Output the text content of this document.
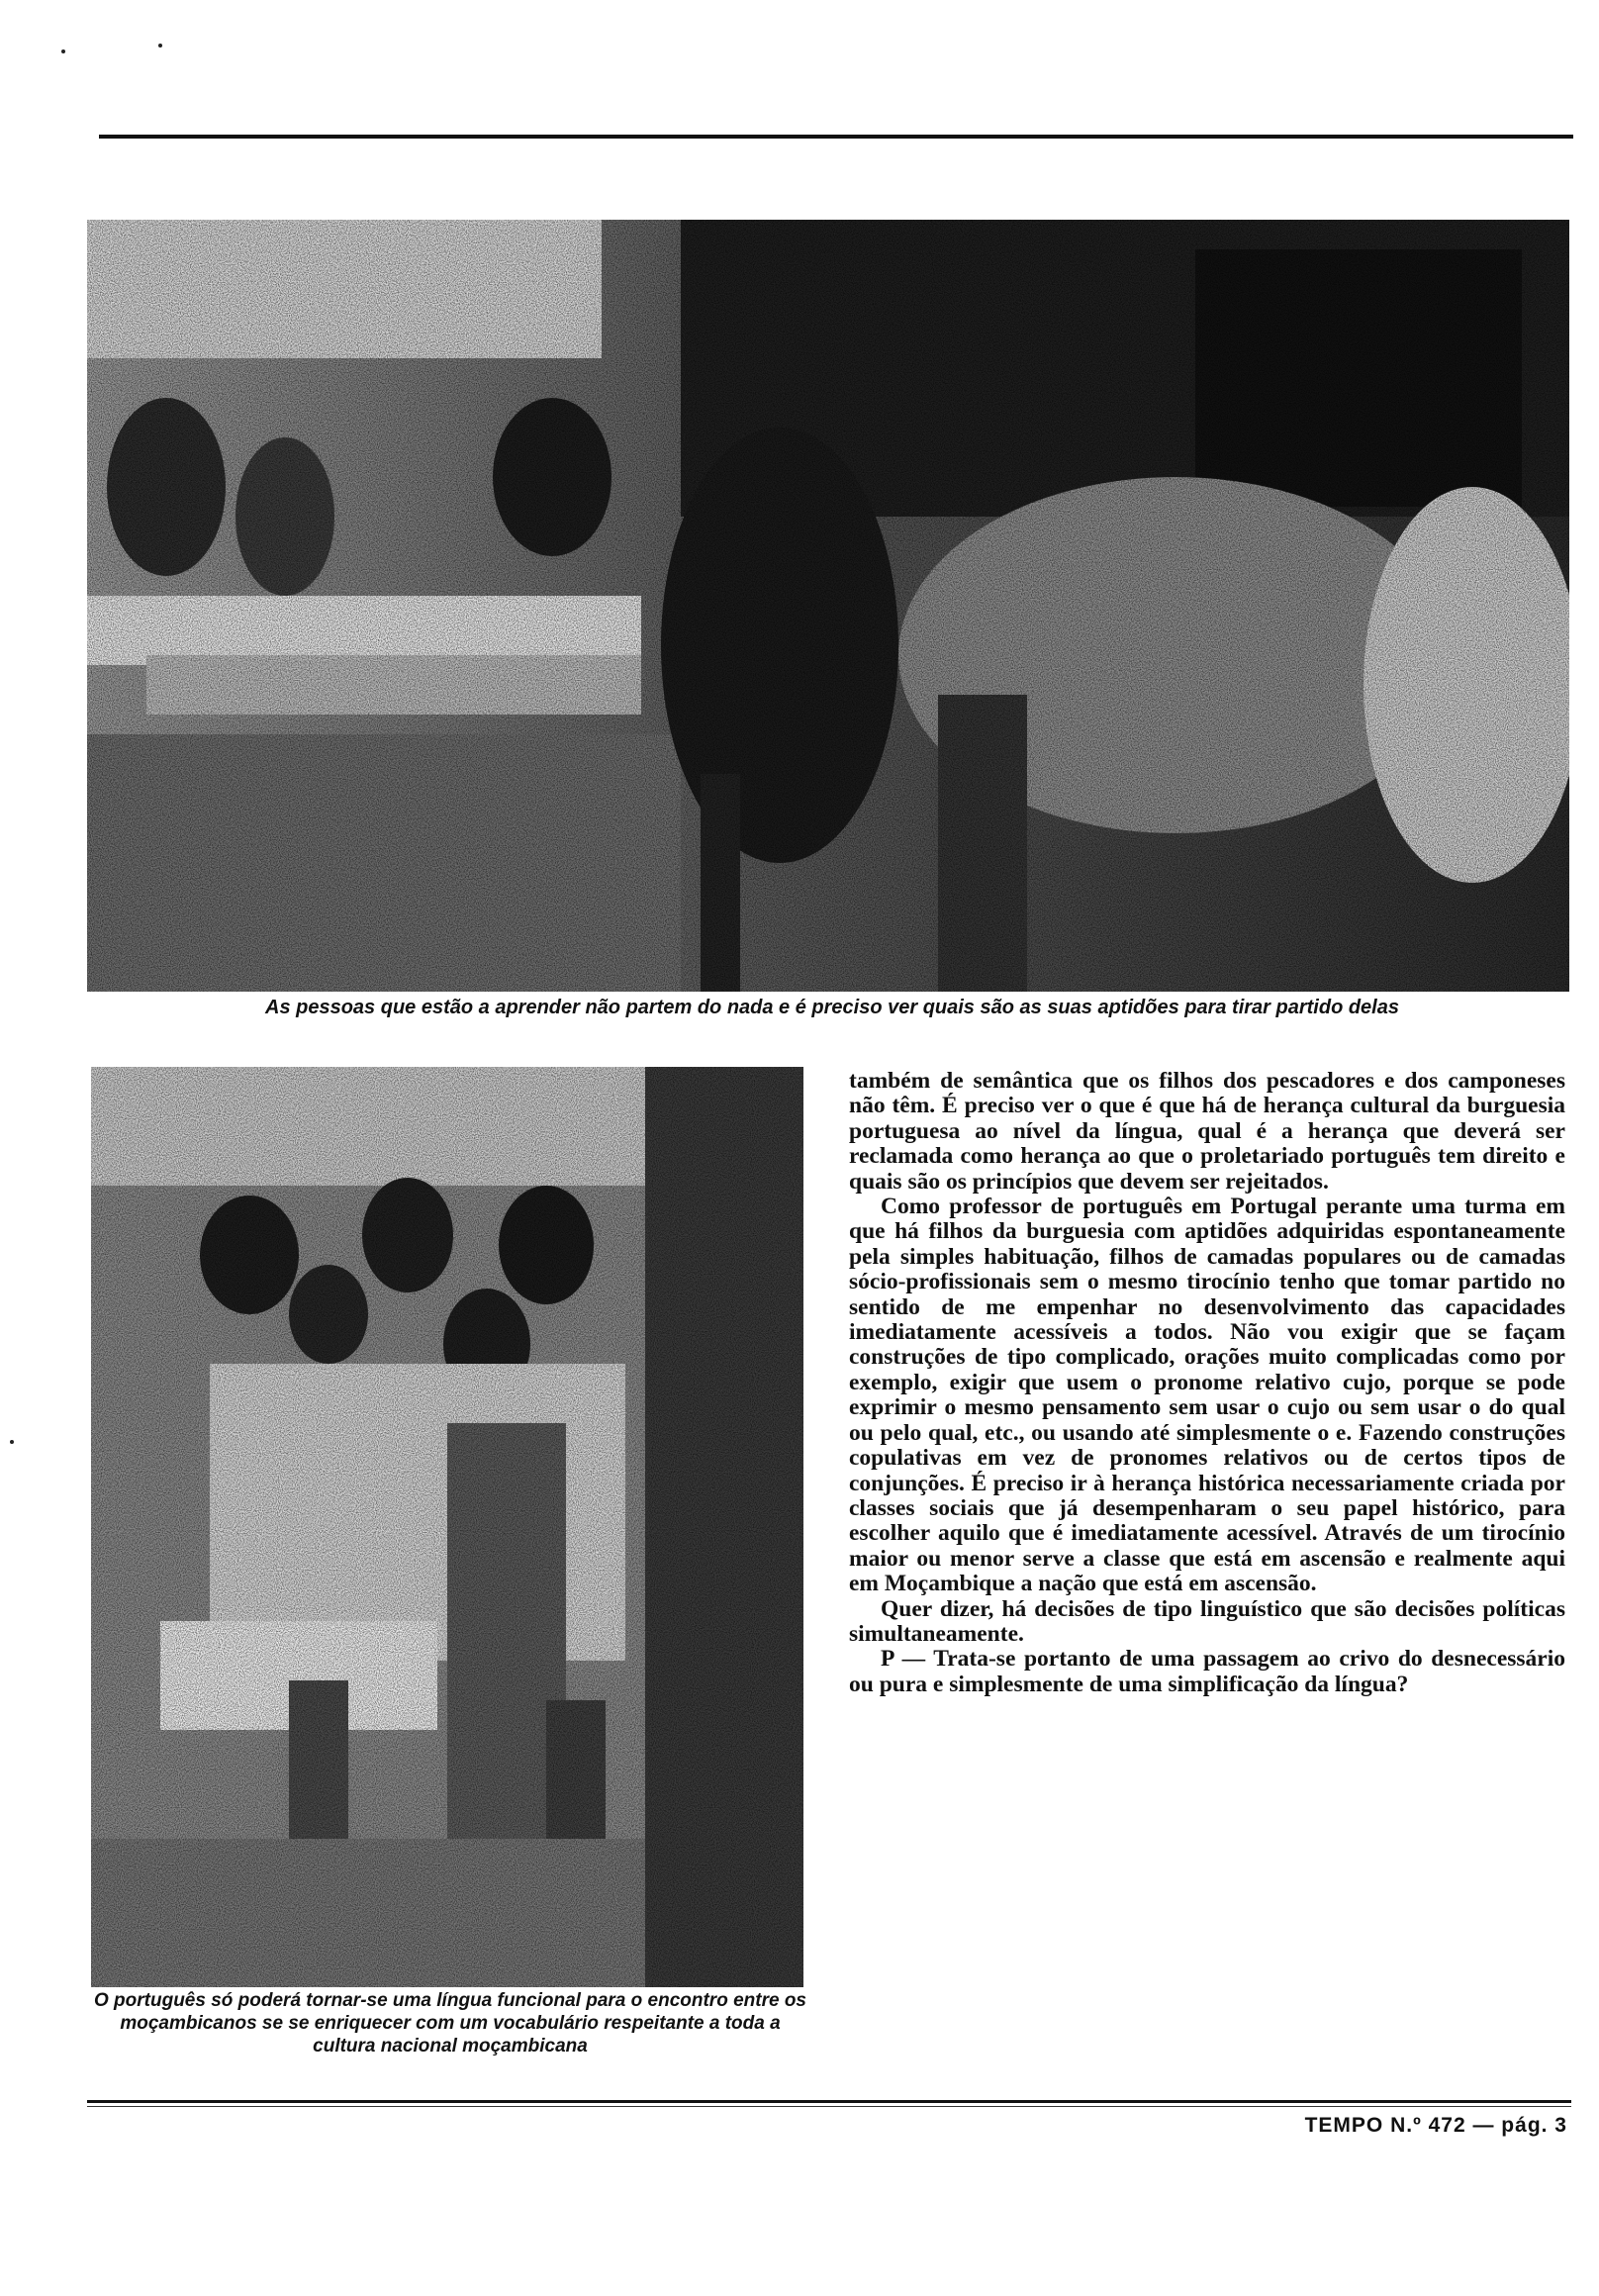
As pessoas que estão a aprender não partem do nada e é preciso ver quais são as suas aptidões para tirar partido delas
O português só poderá tornar-se uma língua funcional para o encontro entre os moçambicanos se se enriquecer com um vocabulário respeitante a toda a cultura nacional moçambicana

também de semântica que os filhos dos pescadores e dos camponeses não têm. É preciso ver o que é que há de herança cultural da burguesia portuguesa ao nível da língua, qual é a herança que deverá ser reclamada como herança ao que o proletariado português tem direito e quais são os princípios que devem ser rejeitados.

Como professor de português em Portugal perante uma turma em que há filhos da burguesia com aptidões adquiridas espontaneamente pela simples habituação, filhos de camadas populares ou de camadas sócio-profissionais sem o mesmo tirocínio tenho que tomar partido no sentido de me empenhar no desenvolvimento das capacidades imediatamente acessíveis a todos. Não vou exigir que se façam construções de tipo complicado, orações muito complicadas como por exemplo, exigir que usem o pronome relativo cujo, porque se pode exprimir o mesmo pensamento sem usar o cujo ou sem usar o do qual ou pelo qual, etc., ou usando até simplesmente o e. Fazendo construções copulativas em vez de pronomes relativos ou de certos tipos de conjunções. É preciso ir à herança histórica necessariamente criada por classes sociais que já desempenharam o seu papel histórico, para escolher aquilo que é imediatamente acessível. Através de um tirocínio maior ou menor serve a classe que está em ascensão e realmente aqui em Moçambique a nação que está em ascensão.

Quer dizer, há decisões de tipo linguístico que são decisões políticas simultaneamente.

P — Trata-se portanto de uma passagem ao crivo do desnecessário ou pura e simplesmente de uma simplificação da língua?

TEMPO N.º 472 — pág. 3
